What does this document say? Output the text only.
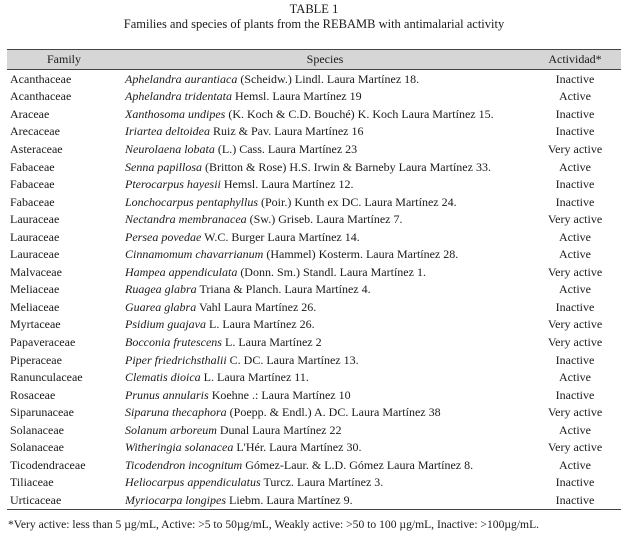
TABLE 1
Families and species of plants from the REBAMB with antimalarial activity
Family	Species	Actividad*
Acanthaceae	Aphelandra aurantiaca (Scheidw.) Lindl. Laura Martínez 18.	Inactive
Acanthaceae	Aphelandra tridentata Hemsl. Laura Martínez 19	Active
Araceae	Xanthosoma undipes (K. Koch & C.D. Bouché) K. Koch Laura Martínez 15.	Inactive
Arecaceae	Iriartea deltoidea Ruiz & Pav. Laura Martínez 16	Inactive
Asteraceae	Neurolaena lobata (L.) Cass. Laura Martínez 23	Very active
Fabaceae	Senna papillosa (Britton & Rose) H.S. Irwin & Barneby Laura Martínez 33.	Active
Fabaceae	Pterocarpus hayesii Hemsl. Laura Martínez 12.	Inactive
Fabaceae	Lonchocarpus pentaphyllus (Poir.) Kunth ex DC. Laura Martínez 24.	Inactive
Lauraceae	Nectandra membranacea (Sw.) Griseb. Laura Martínez 7.	Very active
Lauraceae	Persea povedae W.C. Burger Laura Martínez 14.	Active
Lauraceae	Cinnamomum chavarrianum (Hammel) Kosterm. Laura Martínez 28.	Active
Malvaceae	Hampea appendiculata (Donn. Sm.) Standl. Laura Martínez 1.	Very active
Meliaceae	Ruagea glabra Triana & Planch. Laura Martínez 4.	Active
Meliaceae	Guarea glabra Vahl Laura Martínez 26.	Inactive
Myrtaceae	Psidium guajava L. Laura Martínez 26.	Very active
Papaveraceae	Bocconia frutescens L. Laura Martínez 2	Very active
Piperaceae	Piper friedrichsthalii C. DC. Laura Martínez 13.	Inactive
Ranunculaceae	Clematis dioica L. Laura Martínez 11.	Active
Rosaceae	Prunus annularis Koehne .: Laura Martínez 10	Inactive
Siparunaceae	Siparuna thecaphora (Poepp. & Endl.) A. DC. Laura Martínez 38	Very active
Solanaceae	Solanum arboreum Dunal Laura Martínez 22	Active
Solanaceae	Witheringia solanacea L'Hér. Laura Martínez 30.	Very active
Ticodendraceae	Ticodendron incognitum Gómez-Laur. & L.D. Gómez Laura Martínez 8.	Active
Tiliaceae	Heliocarpus appendiculatus Turcz. Laura Martínez 3.	Inactive
Urticaceae	Myriocarpa longipes Liebm. Laura Martínez 9.	Inactive
*Very active: less than 5 µg/mL, Active: >5 to 50µg/mL, Weakly active: >50 to 100 µg/mL, Inactive: >100µg/mL.
